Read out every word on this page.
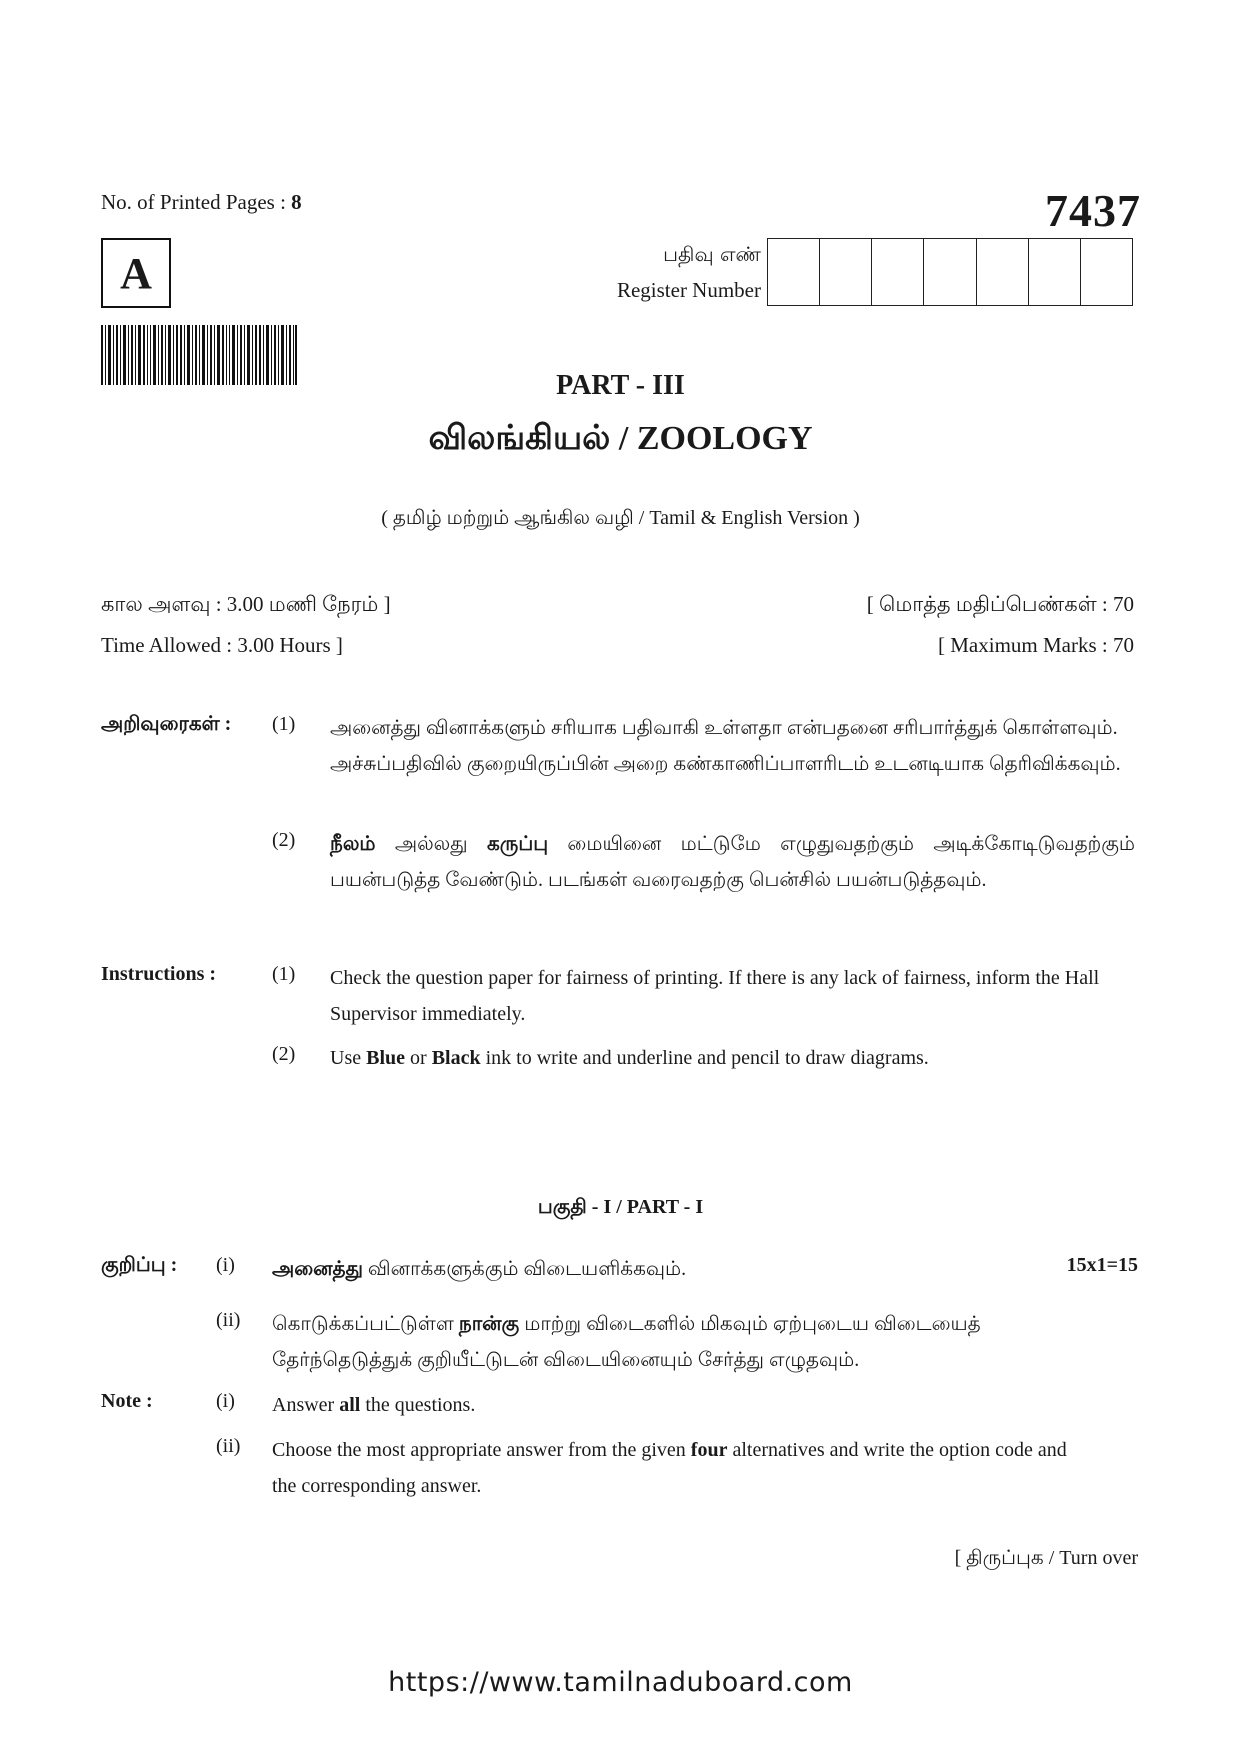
No. of Printed Pages : 8	7437
A	பதிவு எண்
Register Number
PART - III
விலங்கியல் / ZOOLOGY
( தமிழ் மற்றும் ஆங்கில வழி / Tamil & English Version )
கால அளவு : 3.00 மணி நேரம் ]
Time Allowed : 3.00 Hours ]
[ மொத்த மதிப்பெண்கள் : 70
[ Maximum Marks : 70
அறிவுரைகள் : (1) அனைத்து வினாக்களும் சரியாக பதிவாகி உள்ளதா என்பதனை சரிபார்த்துக் கொள்ளவும். அச்சுப்பதிவில் குறையிருப்பின் அறை கண்காணிப்பாளரிடம் உடனடியாக தெரிவிக்கவும்.
(2) நீலம் அல்லது கருப்பு மையினை மட்டுமே எழுதுவதற்கும் அடிக்கோடிடுவதற்கும் பயன்படுத்த வேண்டும். படங்கள் வரைவதற்கு பென்சில் பயன்படுத்தவும்.
Instructions :	(1) Check the question paper for fairness of printing. If there is any lack of fairness, inform the Hall Supervisor immediately.
(2) Use Blue or Black ink to write and underline and pencil to draw diagrams.
பகுதி - I / PART - I
குறிப்பு : (i) அனைத்து வினாக்களுக்கும் விடையளிக்கவும்.	15x1=15
(ii) கொடுக்கப்பட்டுள்ள நான்கு மாற்று விடைகளில் மிகவும் ஏற்புடைய விடையைத் தேர்ந்தெடுத்துக் குறியீட்டுடன் விடையினையும் சேர்த்து எழுதவும்.
Note :	(i) Answer all the questions.
(ii) Choose the most appropriate answer from the given four alternatives and write the option code and the corresponding answer.
[ திருப்புக / Turn over
https://www.tamilnaduboard.com
